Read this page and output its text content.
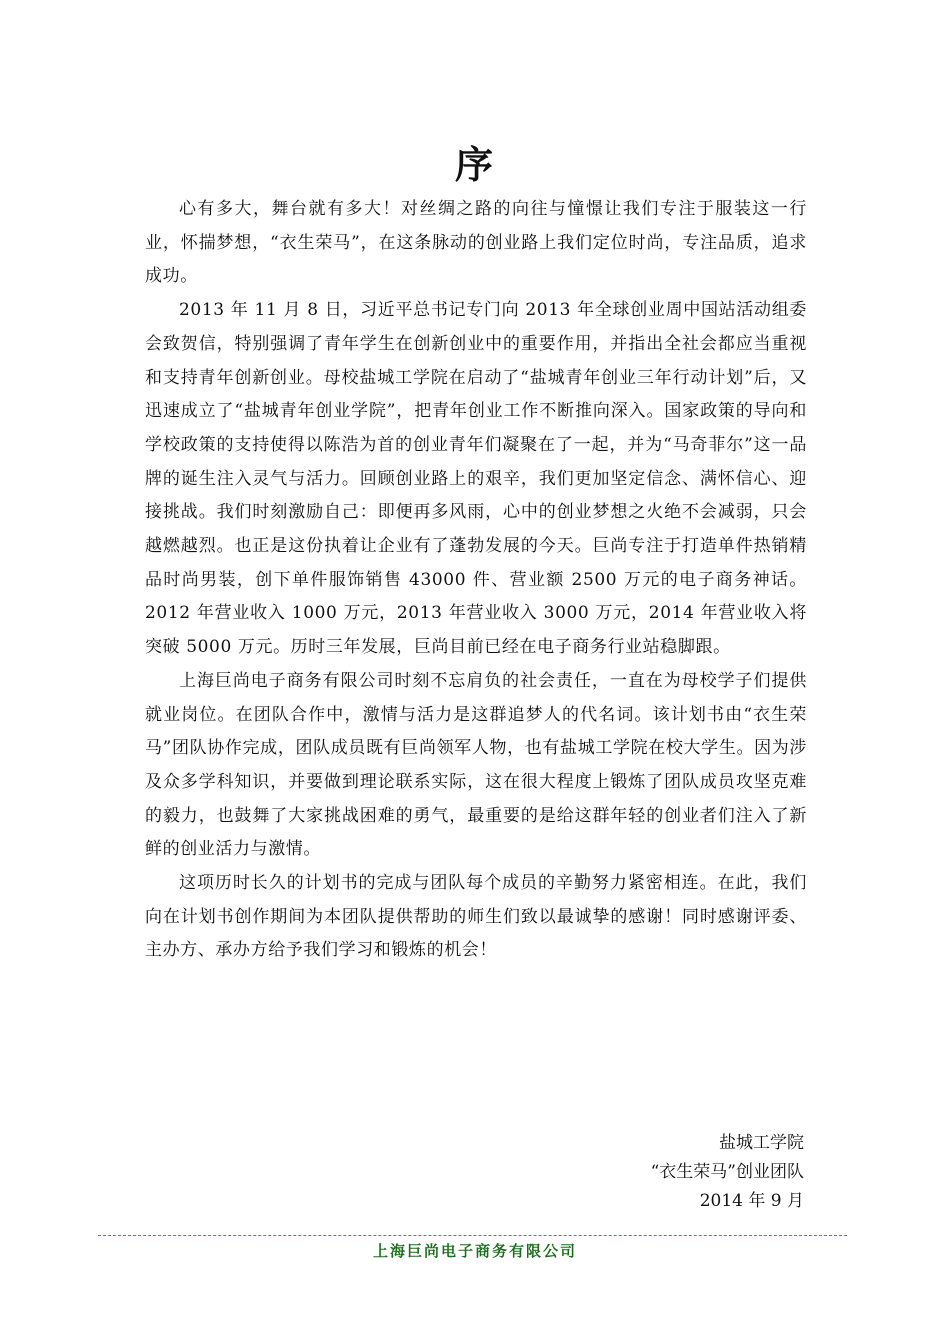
序

心有多大，舞台就有多大！对丝绸之路的向往与憧憬让我们专注于服装这一行业，怀揣梦想，“衣生荣马”，在这条脉动的创业路上我们定位时尚，专注品质，追求成功。

2013 年 11 月 8 日，习近平总书记专门向 2013 年全球创业周中国站活动组委会致贺信，特别强调了青年学生在创新创业中的重要作用，并指出全社会都应当重视和支持青年创新创业。母校盐城工学院在启动了“盐城青年创业三年行动计划”后，又迅速成立了“盐城青年创业学院”，把青年创业工作不断推向深入。国家政策的导向和学校政策的支持使得以陈浩为首的创业青年们凝聚在了一起，并为“马奇菲尔”这一品牌的诞生注入灵气与活力。回顾创业路上的艰辛，我们更加坚定信念、满怀信心、迎接挑战。我们时刻激励自己：即便再多风雨，心中的创业梦想之火绝不会减弱，只会越燃越烈。也正是这份执着让企业有了蓬勃发展的今天。巨尚专注于打造单件热销精品时尚男装，创下单件服饰销售 43000 件、营业额 2500 万元的电子商务神话。2012 年营业收入 1000 万元，2013 年营业收入 3000 万元，2014 年营业收入将突破 5000 万元。历时三年发展，巨尚目前已经在电子商务行业站稳脚跟。

上海巨尚电子商务有限公司时刻不忘肩负的社会责任，一直在为母校学子们提供就业岗位。在团队合作中，激情与活力是这群追梦人的代名词。该计划书由“衣生荣马”团队协作完成，团队成员既有巨尚领军人物，也有盐城工学院在校大学生。因为涉及众多学科知识，并要做到理论联系实际，这在很大程度上锻炼了团队成员攻坚克难的毅力，也鼓舞了大家挑战困难的勇气，最重要的是给这群年轻的创业者们注入了新鲜的创业活力与激情。

这项历时长久的计划书的完成与团队每个成员的辛勤努力紧密相连。在此，我们向在计划书创作期间为本团队提供帮助的师生们致以最诚挚的感谢！同时感谢评委、主办方、承办方给予我们学习和锻炼的机会！

盐城工学院
“衣生荣马”创业团队
2014 年 9 月
上海巨尚电子商务有限公司
